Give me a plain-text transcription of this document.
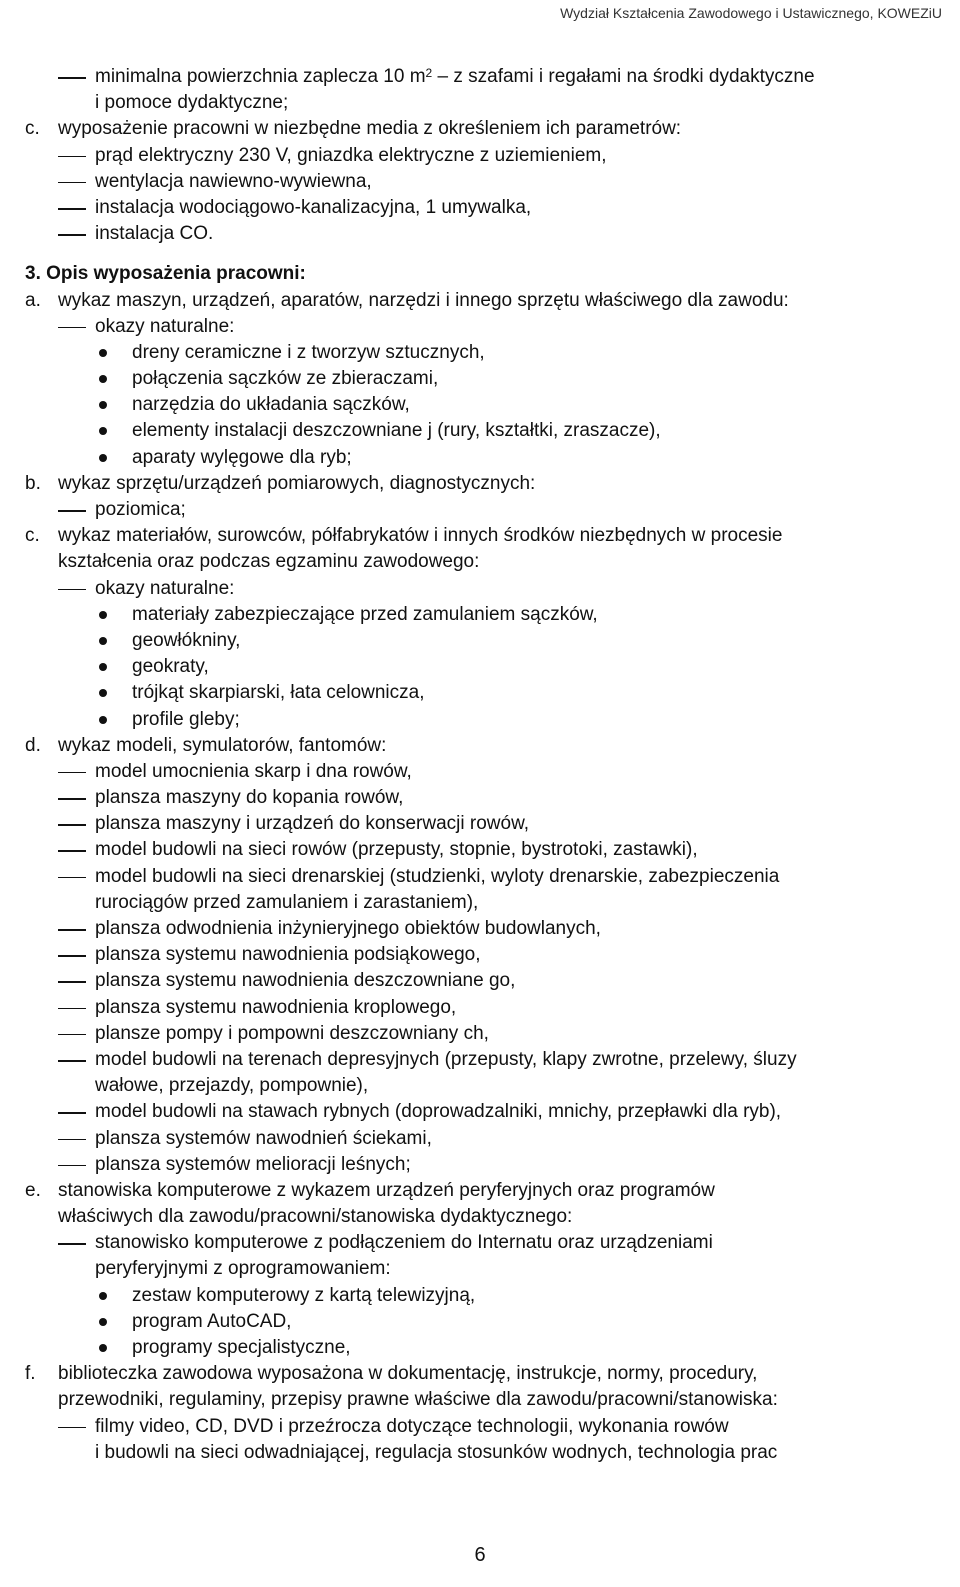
Wydział Kształcenia Zawodowego i Ustawicznego, KOWEZiU
minimalna powierzchnia zaplecza 10 $m^2$ – z szafami i regałami na środki dydaktyczne
i pomoce dydaktyczne;
c. wyposażenie pracowni w niezbędne media z określeniem ich parametrów:
prąd elektryczny 230 V, gniazdka elektryczne z uziemieniem,
wentylacja nawiewno-wywiewna,
instalacja wodociągowo-kanalizacyjna, 1 umywalka,
instalacja CO.
3. Opis wyposażenia pracowni:
a. wykaz maszyn, urządzeń, aparatów, narzędzi i innego sprzętu właściwego dla zawodu:
okazy naturalne:
dreny ceramiczne i z tworzyw sztucznych,
połączenia sączków ze zbieraczami,
narzędzia do układania sączków,
elementy instalacji deszczowniane j (rury, kształtki, zraszacze),
aparaty wylęgowe dla ryb;
b. wykaz sprzętu/urządzeń pomiarowych, diagnostycznych:
poziomica;
c. wykaz materiałów, surowców, półfabrykatów i innych środków niezbędnych w procesie
kształcenia oraz podczas egzaminu zawodowego:
okazy naturalne:
materiały zabezpieczające przed zamulaniem sączków,
geowłókniny,
geokraty,
trójkąt skarpiarski, łata celownicza,
profile gleby;
d. wykaz modeli, symulatorów, fantomów:
model umocnienia skarp i dna rowów,
plansza maszyny do kopania rowów,
plansza maszyny i urządzeń do konserwacji rowów,
model budowli na sieci rowów (przepusty, stopnie, bystrotoki, zastawki),
model budowli na sieci drenarskiej (studzienki, wyloty drenarskie, zabezpieczenia
rurociągów przed zamulaniem i zarastaniem),
plansza odwodnienia inżynieryjnego obiektów budowlanych,
plansza systemu nawodnienia podsiąkowego,
plansza systemu nawodnienia deszczowniane go,
plansza systemu nawodnienia kroplowego,
plansze pompy i pompowni deszczowniany ch,
model budowli na terenach depresyjnych (przepusty, klapy zwrotne, przelewy, śluzy
wałowe, przejazdy, pompownie),
model budowli na stawach rybnych (doprowadzalniki, mnichy, przepławki dla ryb),
plansza systemów nawodnień ściekami,
plansza systemów melioracji leśnych;
e. stanowiska komputerowe z wykazem urządzeń peryferyjnych oraz programów
właściwych dla zawodu/pracowni/stanowiska dydaktycznego:
stanowisko komputerowe z podłączeniem do Internatu oraz urządzeniami
peryferyjnymi z oprogramowaniem:
zestaw komputerowy z kartą telewizyjną,
program AutoCAD,
programy specjalistyczne,
f. biblioteczka zawodowa wyposażona w dokumentację, instrukcje, normy, procedury,
przewodniki, regulaminy, przepisy prawne właściwe dla zawodu/pracowni/stanowiska:
filmy video, CD, DVD i przeźrocza dotyczące technologii, wykonania rowów
i budowli na sieci odwadniającej, regulacja stosunków wodnych, technologia prac
6
